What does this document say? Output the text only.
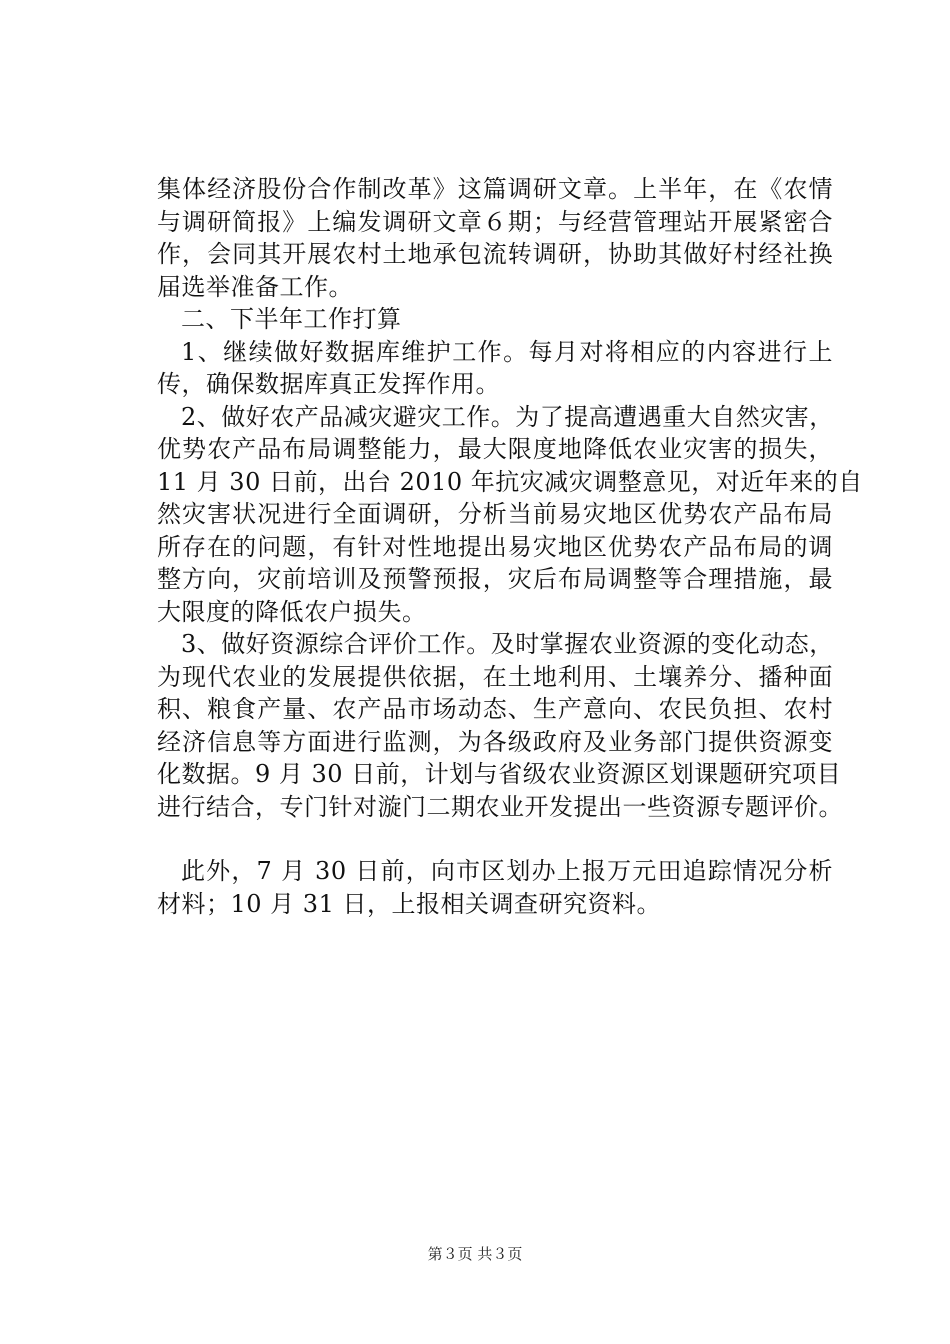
集体经济股份合作制改革》这篇调研文章。上半年，在《农情
与调研简报》上编发调研文章６期；与经营管理站开展紧密合
作，会同其开展农村土地承包流转调研，协助其做好村经社换
届选举准备工作。
二、下半年工作打算
1、继续做好数据库维护工作。每月对将相应的内容进行上
传，确保数据库真正发挥作用。
2、做好农产品减灾避灾工作。为了提高遭遇重大自然灾害，
优势农产品布局调整能力，最大限度地降低农业灾害的损失，
11 月 30 日前，出台 2010 年抗灾减灾调整意见，对近年来的自
然灾害状况进行全面调研，分析当前易灾地区优势农产品布局
所存在的问题，有针对性地提出易灾地区优势农产品布局的调
整方向，灾前培训及预警预报，灾后布局调整等合理措施，最
大限度的降低农户损失。
3、做好资源综合评价工作。及时掌握农业资源的变化动态，
为现代农业的发展提供依据，在土地利用、土壤养分、播种面
积、粮食产量、农产品市场动态、生产意向、农民负担、农村
经济信息等方面进行监测，为各级政府及业务部门提供资源变
化数据。9 月 30 日前，计划与省级农业资源区划课题研究项目
进行结合，专门针对漩门二期农业开发提出一些资源专题评价。
此外，7 月 30 日前，向市区划办上报万元田追踪情况分析
材料；10 月 31 日，上报相关调查研究资料。
第３页 共３页
